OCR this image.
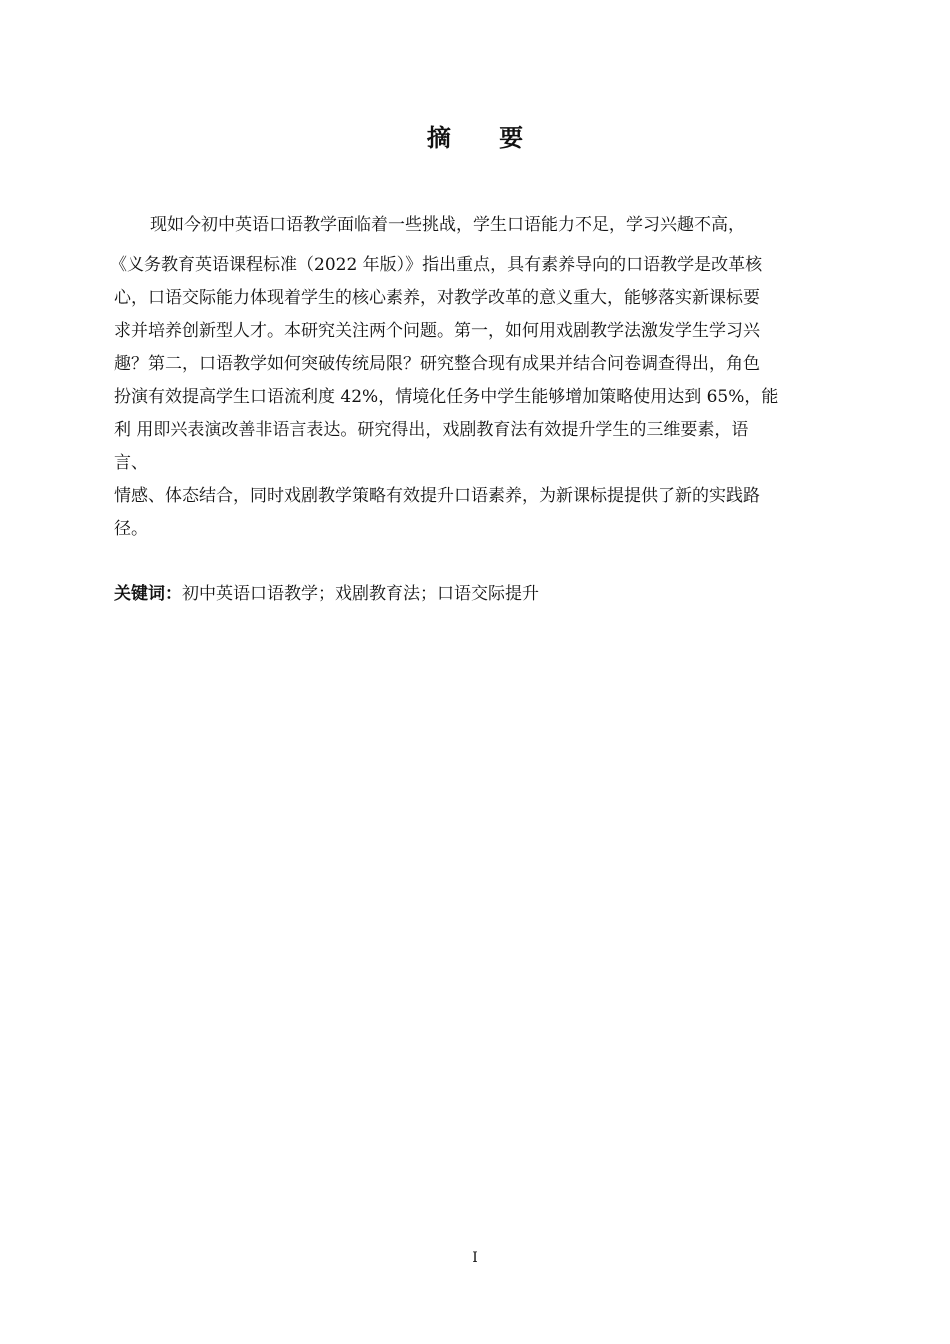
摘 要
现如今初中英语口语教学面临着一些挑战，学生口语能力不足，学习兴趣不高，
《义务教育英语课程标准（2022 年版）》指出重点，具有素养导向的口语教学是改革核
心，口语交际能力体现着学生的核心素养，对教学改革的意义重大，能够落实新课标要
求并培养创新型人才。本研究关注两个问题。第一，如何用戏剧教学法激发学生学习兴
趣？第二，口语教学如何突破传统局限？研究整合现有成果并结合问卷调查得出，角色
扮演有效提高学生口语流利度 42%，情境化任务中学生能够增加策略使用达到 65%，能
利 用即兴表演改善非语言表达。研究得出，戏剧教育法有效提升学生的三维要素，语
言、
情感、体态结合，同时戏剧教学策略有效提升口语素养，为新课标提提供了新的实践路
径。
关键词：初中英语口语教学；戏剧教育法；口语交际提升
I
